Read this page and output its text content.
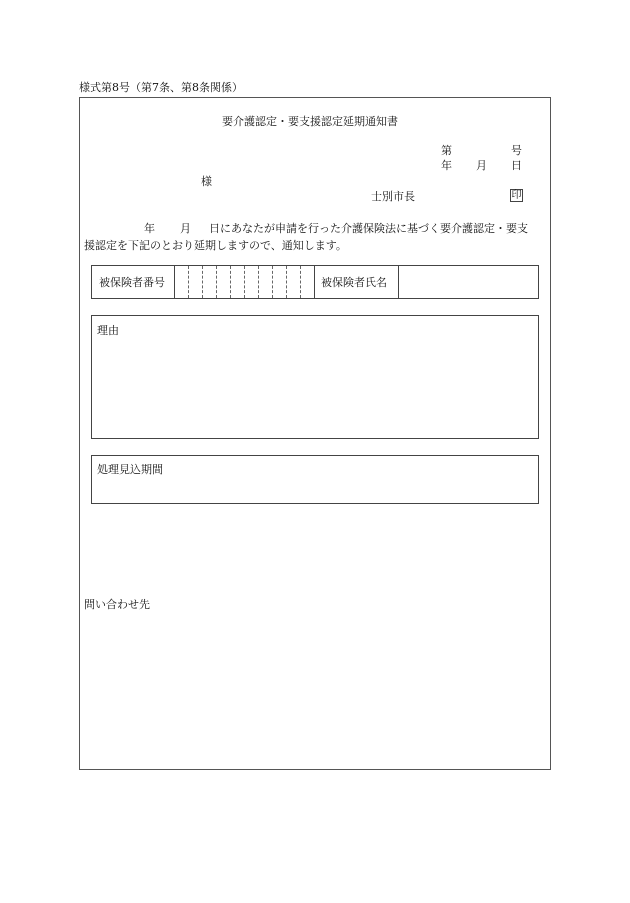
様式第8号（第7条、第8条関係）
要介護認定・要支援認定延期通知書
第	号
年 月 日
様
士別市長	印
年 月 日にあなたが申請を行った介護保険法に基づく要介護認定・要支
援認定を下記のとおり延期しますので、通知します。
被保険者番号	被保険者氏名
理由
処理見込期間
問い合わせ先
